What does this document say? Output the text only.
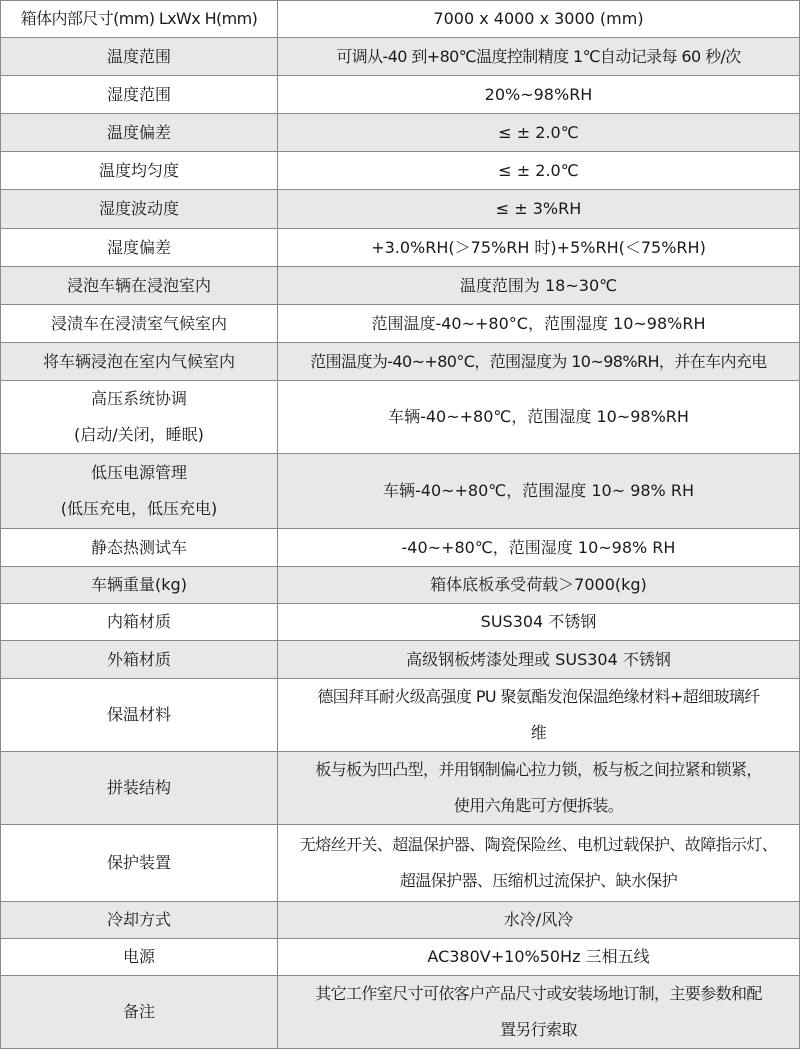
箱体内部尺寸(mm) LxWx H(mm)	7000 x 4000 x 3000 (mm)
温度范围	可调从-40 到+80℃温度控制精度 1℃自动记录每 60 秒/次
湿度范围	20%~98%RH
温度偏差	≤ ± 2.0℃
温度均匀度	≤ ± 2.0℃
湿度波动度	≤ ± 3%RH
湿度偏差	+3.0%RH(＞75%RH 时)+5%RH(＜75%RH)
浸泡车辆在浸泡室内	温度范围为 18~30℃
浸渍车在浸渍室气候室内	范围温度-40~+80°C，范围湿度 10~98%RH
将车辆浸泡在室内气候室内	范围温度为-40~+80°C，范围湿度为 10~98%RH，并在车内充电

高压系统协调
(启动/关闭，睡眠)	车辆-40~+80℃，范围湿度 10~98%RH

低压电源管理
(低压充电，低压充电)	车辆-40~+80℃，范围湿度 10~ 98% RH
静态热测试车	-40~+80℃，范围湿度 10~98% RH
车辆重量(kg)	箱体底板承受荷载＞7000(kg)
内箱材质	SUS304 不锈钢
外箱材质	高级钢板烤漆处理或 SUS304 不锈钢
保温材料	德国拜耳耐火级高强度 PU 聚氨酯发泡保温绝缘材料+超细玻璃纤
维

拼装结构	板与板为凹凸型，并用钢制偏心拉力锁，板与板之间拉紧和锁紧，
使用六角匙可方便拆装。

保护装置	无熔丝开关、超温保护器、陶瓷保险丝、电机过载保护、故障指示灯、
超温保护器、压缩机过流保护、缺水保护

冷却方式	水冷/风冷
电源	AC380V+10%50Hz 三相五线
备注	其它工作室尺寸可依客户产品尺寸或安装场地订制，主要参数和配
置另行索取
